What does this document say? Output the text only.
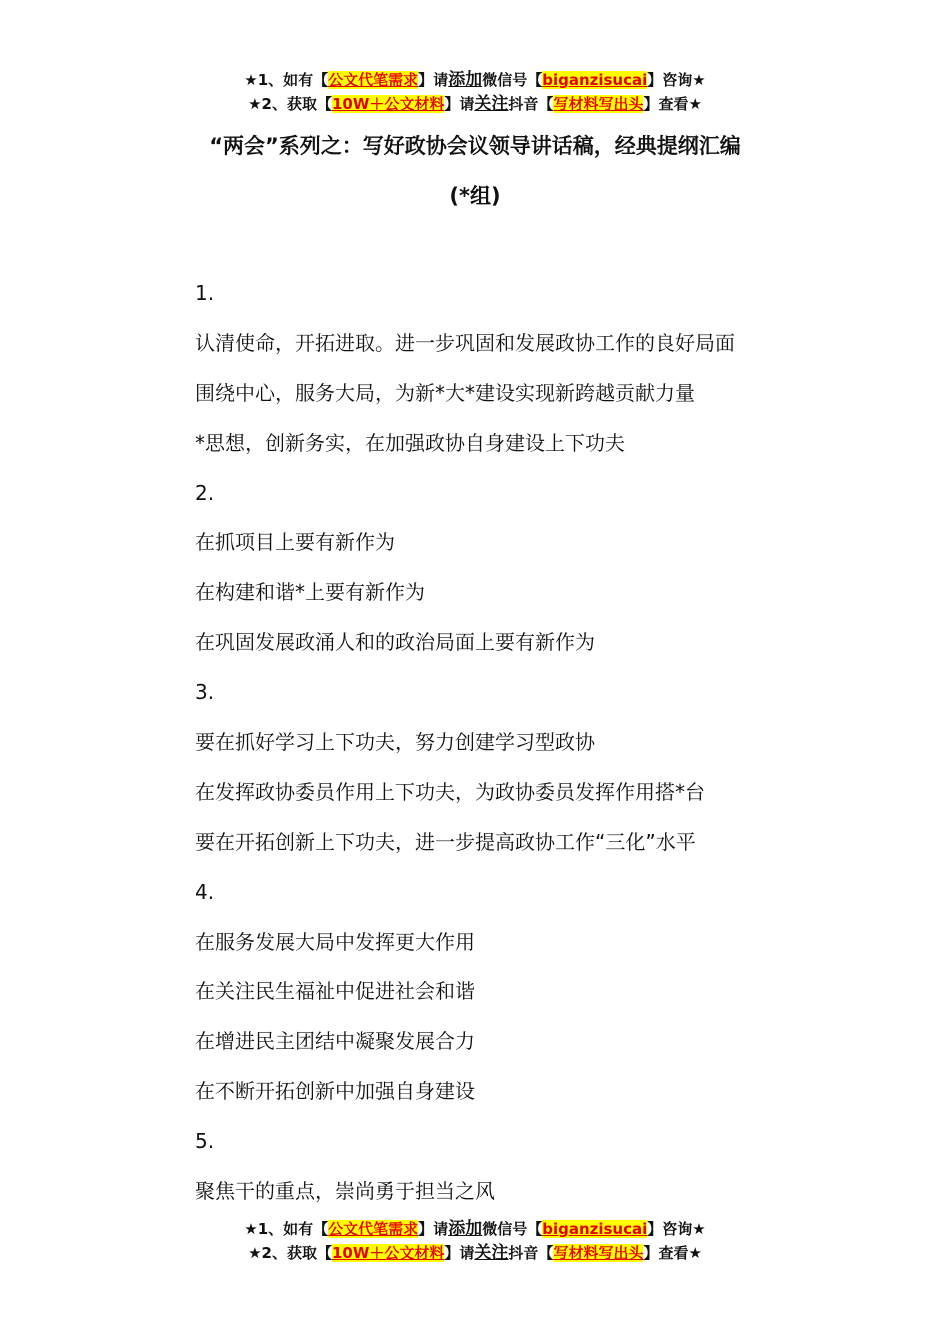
★1、如有【公文代笔需求】请添加微信号【biganzisucai】咨询★
★2、获取【10W＋公文材料】请关注抖音【写材料写出头】查看★
“两会”系列之：写好政协会议领导讲话稿，经典提纲汇编
(*组)
1.
认清使命，开拓进取。进一步巩固和发展政协工作的良好局面
围绕中心，服务大局，为新*大*建设实现新跨越贡献力量
*思想，创新务实，在加强政协自身建设上下功夫
2.
在抓项目上要有新作为
在构建和谐*上要有新作为
在巩固发展政涌人和的政治局面上要有新作为
3.
要在抓好学习上下功夫，努力创建学习型政协
在发挥政协委员作用上下功夫，为政协委员发挥作用搭*台
要在开拓创新上下功夫，进一步提高政协工作“三化”水平
4.
在服务发展大局中发挥更大作用
在关注民生福祉中促进社会和谐
在增进民主团结中凝聚发展合力
在不断开拓创新中加强自身建设
5.
聚焦干的重点，崇尚勇于担当之风
★1、如有【公文代笔需求】请添加微信号【biganzisucai】咨询★
★2、获取【10W＋公文材料】请关注抖音【写材料写出头】查看★
